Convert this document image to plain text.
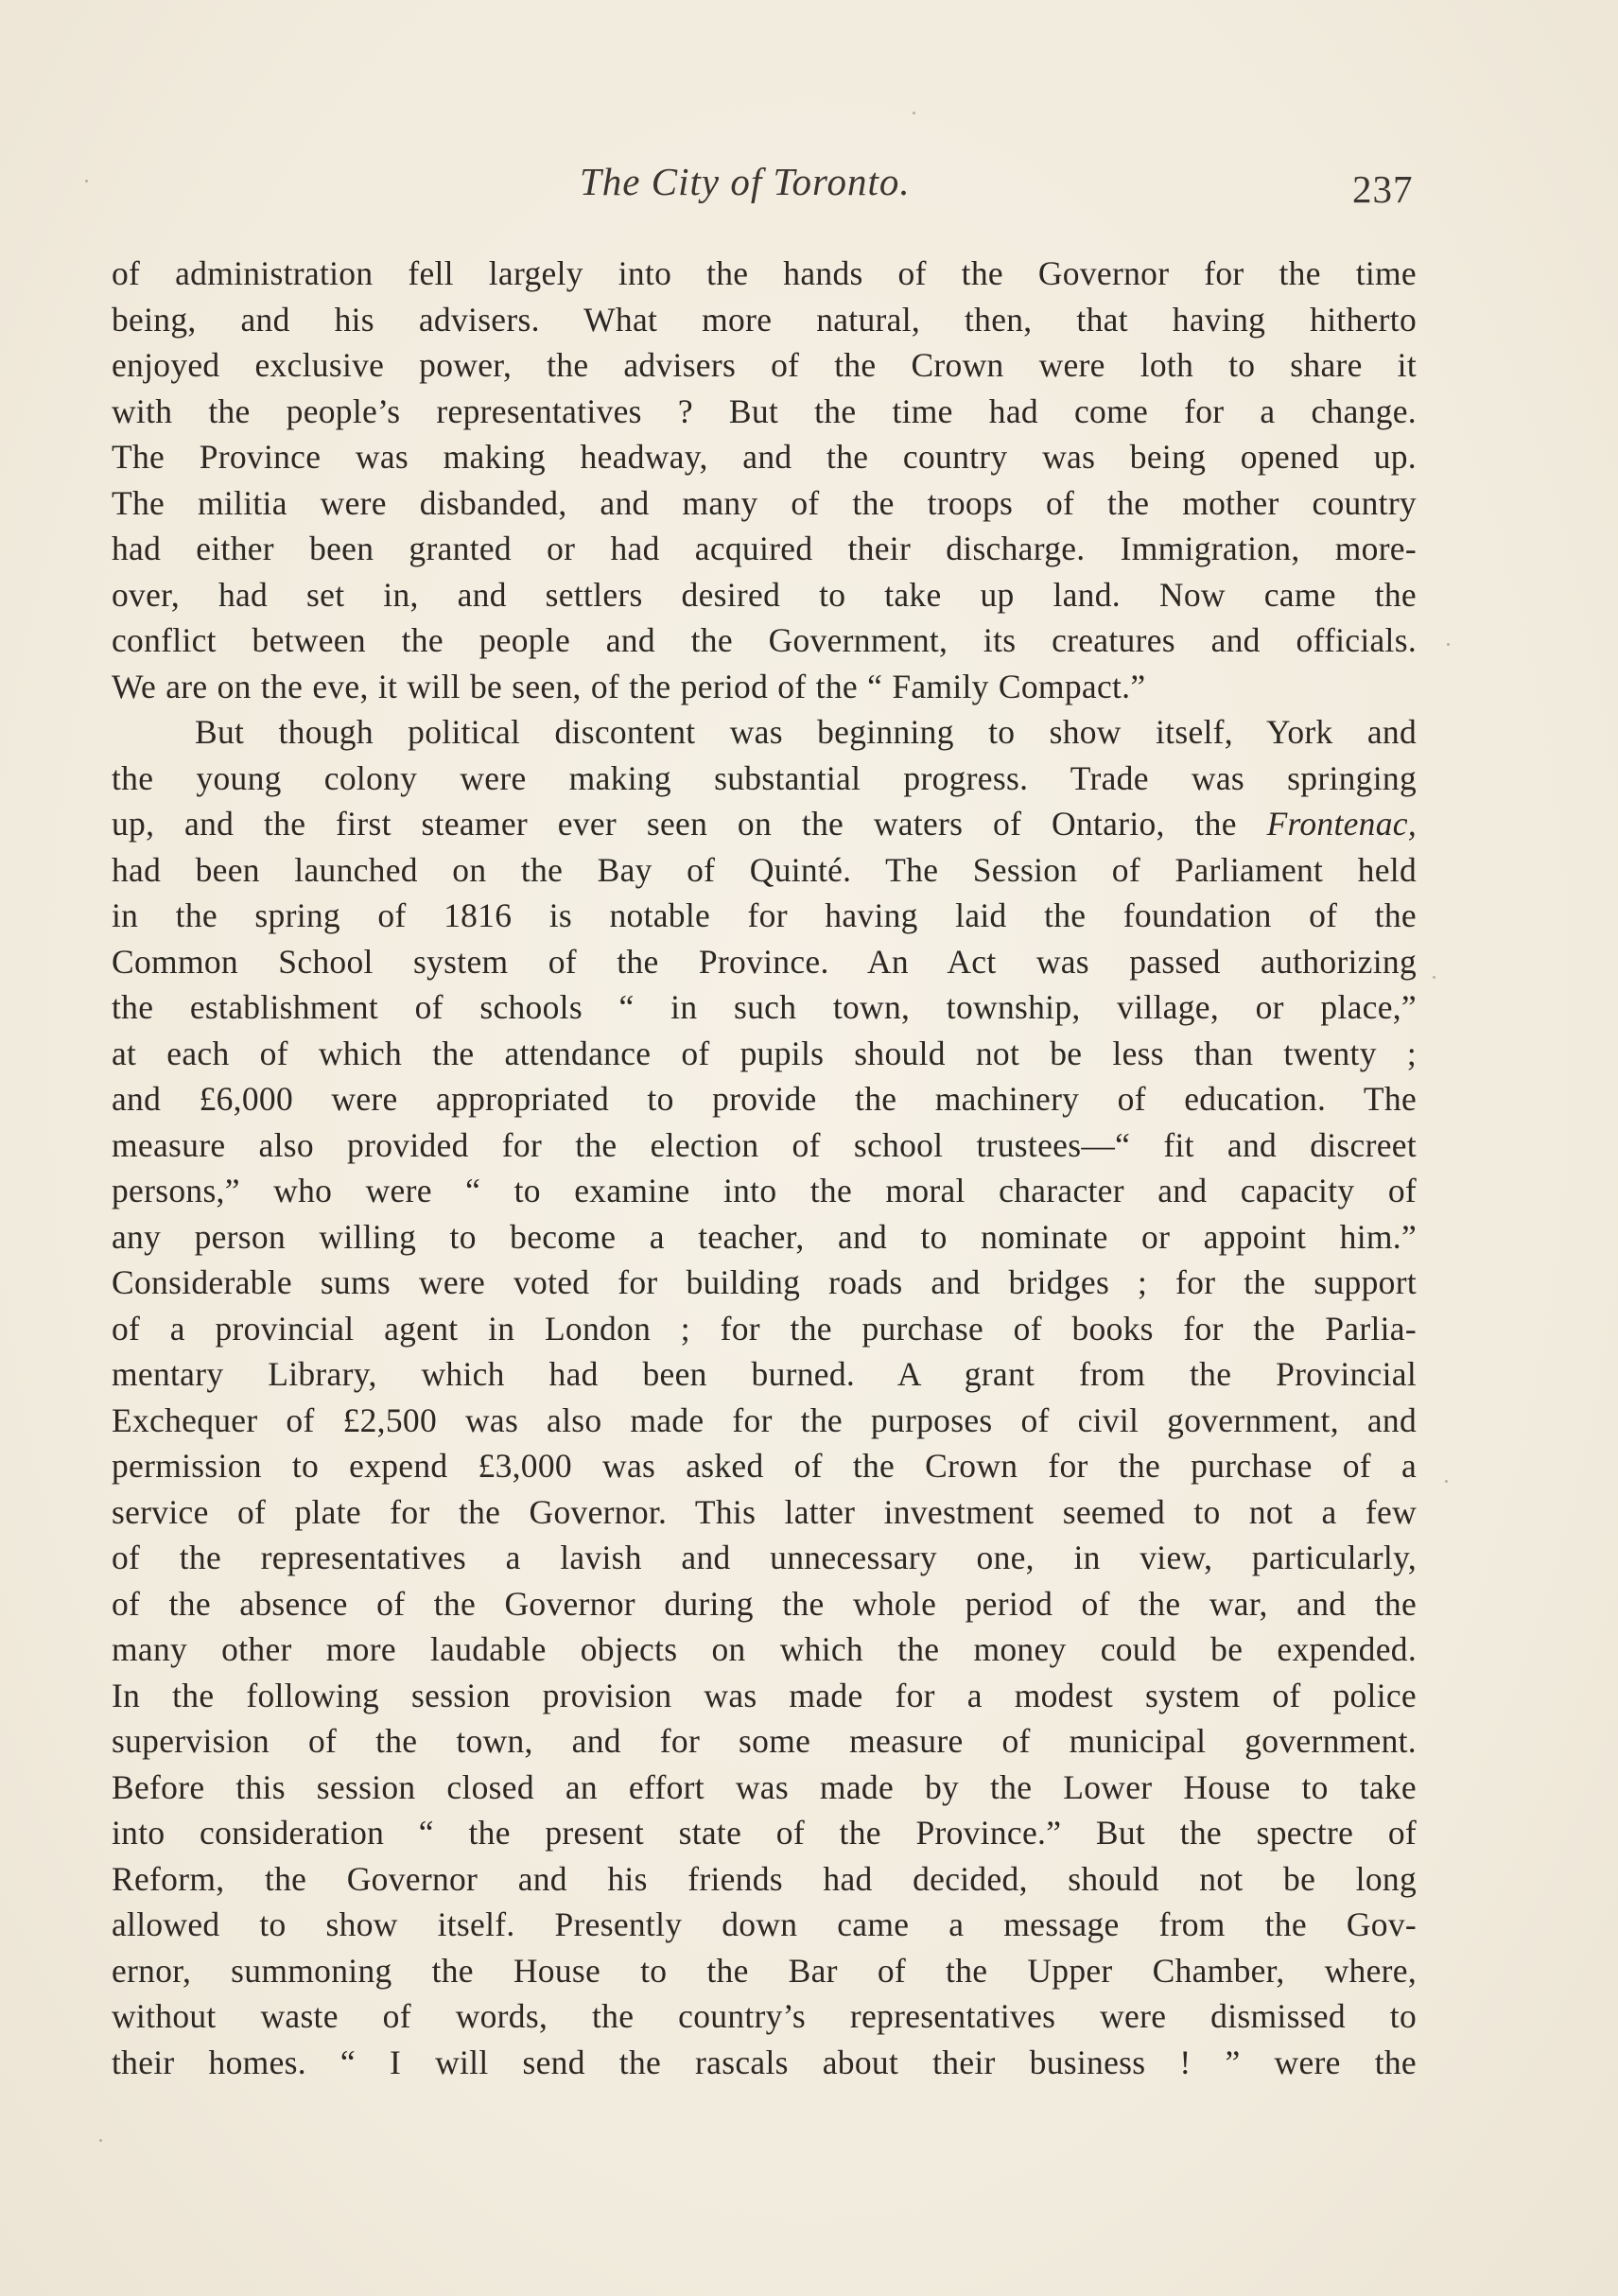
The City of Toronto.	237
of administration fell largely into the hands of the Governor for the time
being, and his advisers. What more natural, then, that having hitherto
enjoyed exclusive power, the advisers of the Crown were loth to share it
with the people’s representatives ? But the time had come for a change.
The Province was making headway, and the country was being opened up.
The militia were disbanded, and many of the troops of the mother country
had either been granted or had acquired their discharge. Immigration, more-
over, had set in, and settlers desired to take up land. Now came the
conflict between the people and the Government, its creatures and officials.
We are on the eve, it will be seen, of the period of the “ Family Compact.”
But though political discontent was beginning to show itself, York and
the young colony were making substantial progress. Trade was springing
up, and the first steamer ever seen on the waters of Ontario, the Frontenac,
had been launched on the Bay of Quinté. The Session of Parliament held
in the spring of 1816 is notable for having laid the foundation of the
Common School system of the Province. An Act was passed authorizing
the establishment of schools “ in such town, township, village, or place,”
at each of which the attendance of pupils should not be less than twenty ;
and £6,000 were appropriated to provide the machinery of education. The
measure also provided for the election of school trustees—“ fit and discreet
persons,” who were “ to examine into the moral character and capacity of
any person willing to become a teacher, and to nominate or appoint him.”
Considerable sums were voted for building roads and bridges ; for the support
of a provincial agent in London ; for the purchase of books for the Parlia-
mentary Library, which had been burned. A grant from the Provincial
Exchequer of £2,500 was also made for the purposes of civil government, and
permission to expend £3,000 was asked of the Crown for the purchase of a
service of plate for the Governor. This latter investment seemed to not a few
of the representatives a lavish and unnecessary one, in view, particularly,
of the absence of the Governor during the whole period of the war, and the
many other more laudable objects on which the money could be expended.
In the following session provision was made for a modest system of police
supervision of the town, and for some measure of municipal government.
Before this session closed an effort was made by the Lower House to take
into consideration “ the present state of the Province.” But the spectre of
Reform, the Governor and his friends had decided, should not be long
allowed to show itself. Presently down came a message from the Gov-
ernor, summoning the House to the Bar of the Upper Chamber, where,
without waste of words, the country’s representatives were dismissed to
their homes. “ I will send the rascals about their business ! ” were the
